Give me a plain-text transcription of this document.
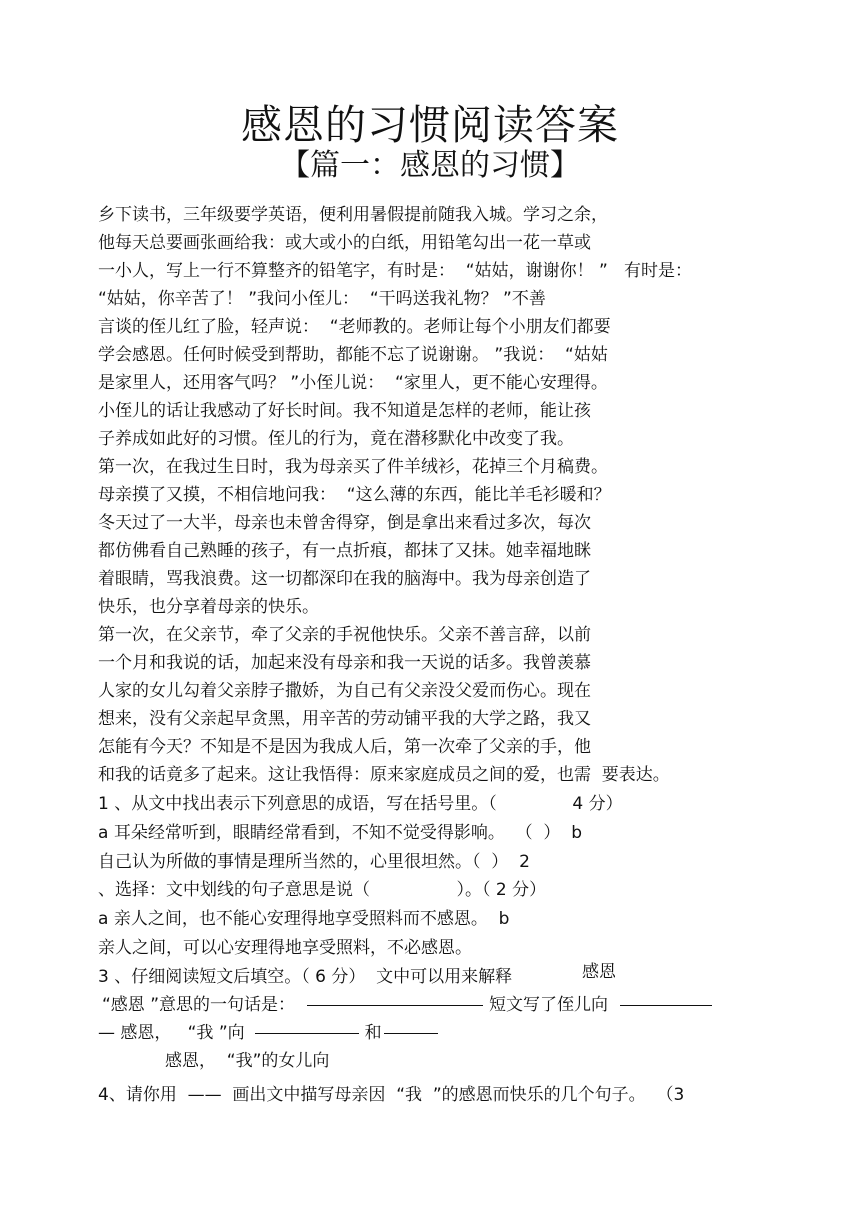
感恩的习惯阅读答案
【篇一：感恩的习惯】
乡下读书，三年级要学英语，便利用暑假提前随我入城。学习之余，
他每天总要画张画给我：或大或小的白纸，用铅笔勾出一花一草或
一小人，写上一行不算整齐的铅笔字，有时是：  “姑姑，谢谢你！ ”   有时是：
“姑姑，你辛苦了！ ”我问小侄儿：  “干吗送我礼物？ ”不善
言谈的侄儿红了脸，轻声说：  “老师教的。老师让每个小朋友们都要
学会感恩。任何时候受到帮助，都能不忘了说谢谢。 ”我说：  “姑姑
是家里人，还用客气吗？ ”小侄儿说：  “家里人，更不能心安理得。
小侄儿的话让我感动了好长时间。我不知道是怎样的老师，能让孩
子养成如此好的习惯。侄儿的行为，竟在潜移默化中改变了我。
第一次，在我过生日时，我为母亲买了件羊绒衫，花掉三个月稿费。
母亲摸了又摸，不相信地问我：  “这么薄的东西，能比羊毛衫暖和？
冬天过了一大半，母亲也未曾舍得穿，倒是拿出来看过多次，每次
都仿佛看自己熟睡的孩子，有一点折痕，都抹了又抹。她幸福地眯
着眼睛，骂我浪费。这一切都深印在我的脑海中。我为母亲创造了
快乐，也分享着母亲的快乐。
第一次，在父亲节，牵了父亲的手祝他快乐。父亲不善言辞，以前
一个月和我说的话，加起来没有母亲和我一天说的话多。我曾羡慕
人家的女儿勾着父亲脖子撒娇，为自己有父亲没父爱而伤心。现在
想来，没有父亲起早贪黑，用辛苦的劳动铺平我的大学之路，我又
怎能有今天？不知是不是因为我成人后，第一次牵了父亲的手，他
和我的话竟多了起来。这让我悟得：原来家庭成员之间的爱，也需  要表达。
1 、从文中找出表示下列意思的成语，写在括号里。（              4 分）
a 耳朵经常听到，眼睛经常看到，不知不觉受得影响。  （  ）  b
自己认为所做的事情是理所当然的，心里很坦然。（  ）  2
、选择：文中划线的句子意思是说（                ）。（ 2 分）
a 亲人之间，也不能心安理得地享受照料而不感恩。  b
亲人之间，可以心安理得地享受照料，不必感恩。
3 、仔细阅读短文后填空。（ 6 分）  文中可以用来解释	感恩
“感恩 ”意思的一句话是：	短文写了侄儿向
— 感恩，   “我 ”向	和
感恩，  “我”的女儿向
4、请你用  ——  画出文中描写母亲因  “我  ”的感恩而快乐的几个句子。  （3
